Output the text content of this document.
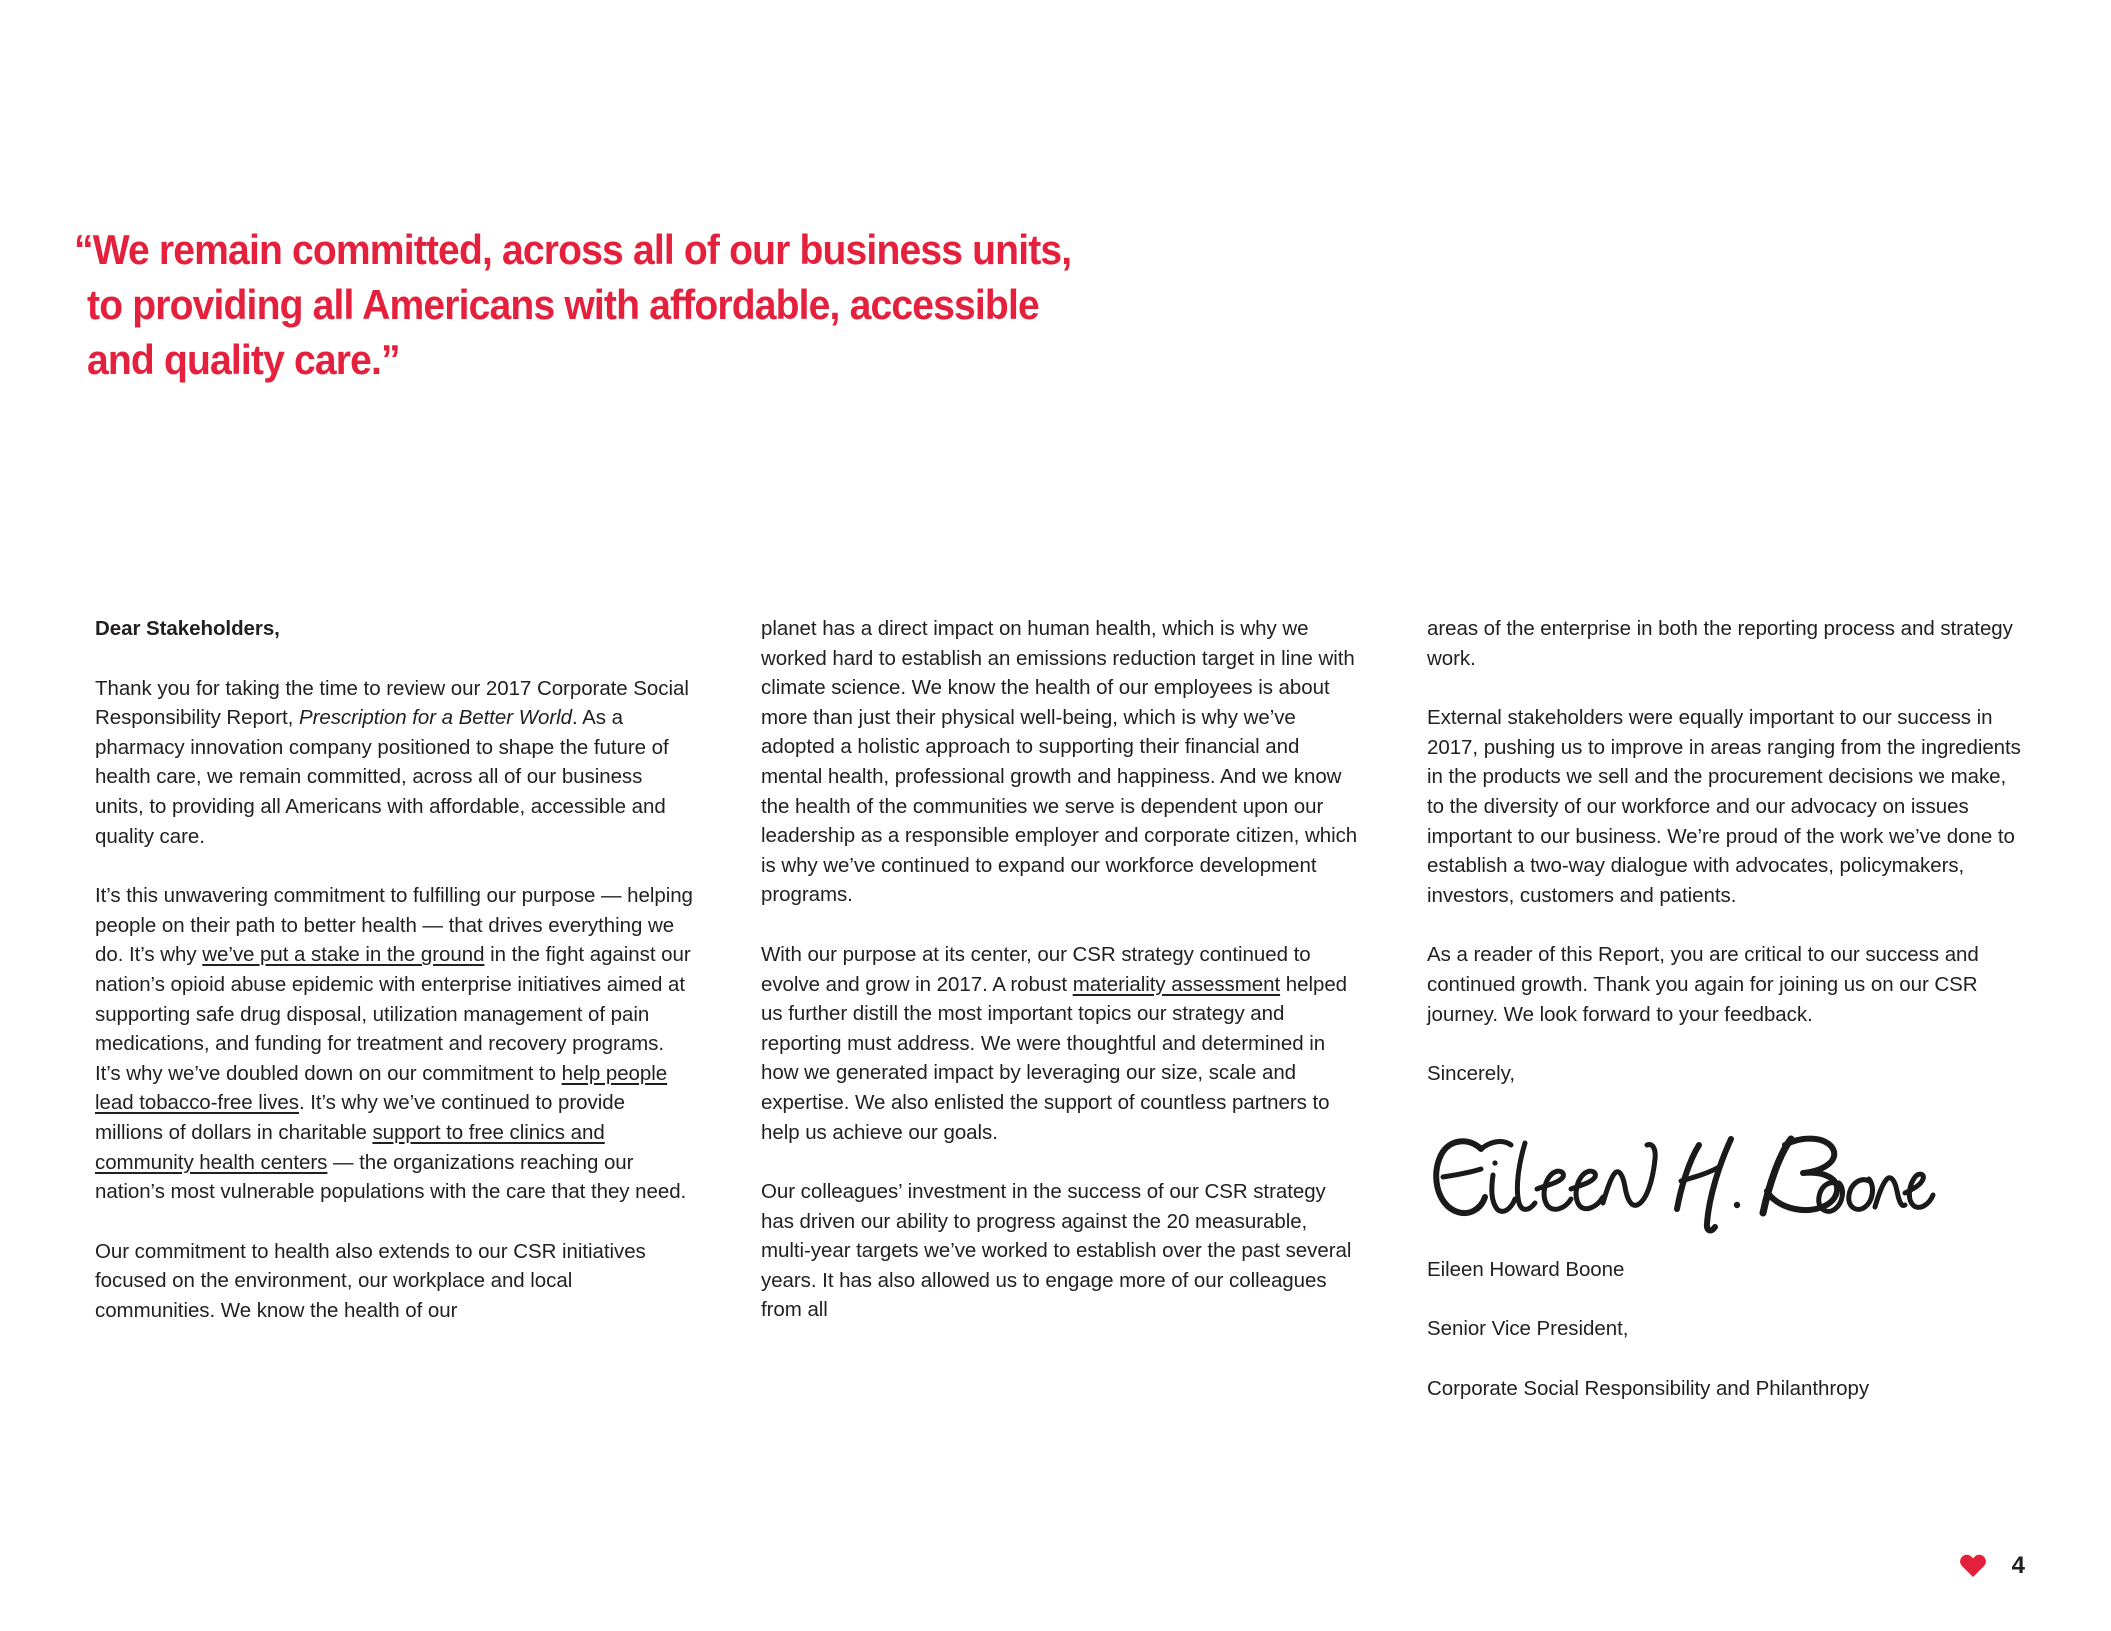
“We remain committed, across all of our business units,
to providing all Americans with affordable, accessible
and quality care.”

Dear Stakeholders,

Thank you for taking the time to review our 2017 Corporate Social Responsibility Report, Prescription for a Better World. As a pharmacy innovation company positioned to shape the future of health care, we remain committed, across all of our business units, to providing all Americans with affordable, accessible and quality care.

It’s this unwavering commitment to fulfilling our purpose — helping people on their path to better health — that drives everything we do. It’s why we’ve put a stake in the ground in the fight against our nation’s opioid abuse epidemic with enterprise initiatives aimed at supporting safe drug disposal, utilization management of pain medications, and funding for treatment and recovery programs. It’s why we’ve doubled down on our commitment to help people lead tobacco-free lives. It’s why we’ve continued to provide millions of dollars in charitable support to free clinics and community health centers — the organizations reaching our nation’s most vulnerable populations with the care that they need.

Our commitment to health also extends to our CSR initiatives focused on the environment, our workplace and local communities. We know the health of our

planet has a direct impact on human health, which is why we worked hard to establish an emissions reduction target in line with climate science. We know the health of our employees is about more than just their physical well-being, which is why we’ve adopted a holistic approach to supporting their financial and mental health, professional growth and happiness. And we know the health of the communities we serve is dependent upon our leadership as a responsible employer and corporate citizen, which is why we’ve continued to expand our workforce development programs.

With our purpose at its center, our CSR strategy continued to evolve and grow in 2017. A robust materiality assessment helped us further distill the most important topics our strategy and reporting must address. We were thoughtful and determined in how we generated impact by leveraging our size, scale and expertise. We also enlisted the support of countless partners to help us achieve our goals.

Our colleagues’ investment in the success of our CSR strategy has driven our ability to progress against the 20 measurable, multi-year targets we’ve worked to establish over the past several years. It has also allowed us to engage more of our colleagues from all

areas of the enterprise in both the reporting process and strategy work.

External stakeholders were equally important to our success in 2017, pushing us to improve in areas ranging from the ingredients in the products we sell and the procurement decisions we make, to the diversity of our workforce and our advocacy on issues important to our business. We’re proud of the work we’ve done to establish a two-way dialogue with advocates, policymakers, investors, customers and patients.

As a reader of this Report, you are critical to our success and continued growth. Thank you again for joining us on our CSR journey. We look forward to your feedback.

Sincerely,

Eileen Howard Boone

Senior Vice President,

Corporate Social Responsibility and Philanthropy

4
